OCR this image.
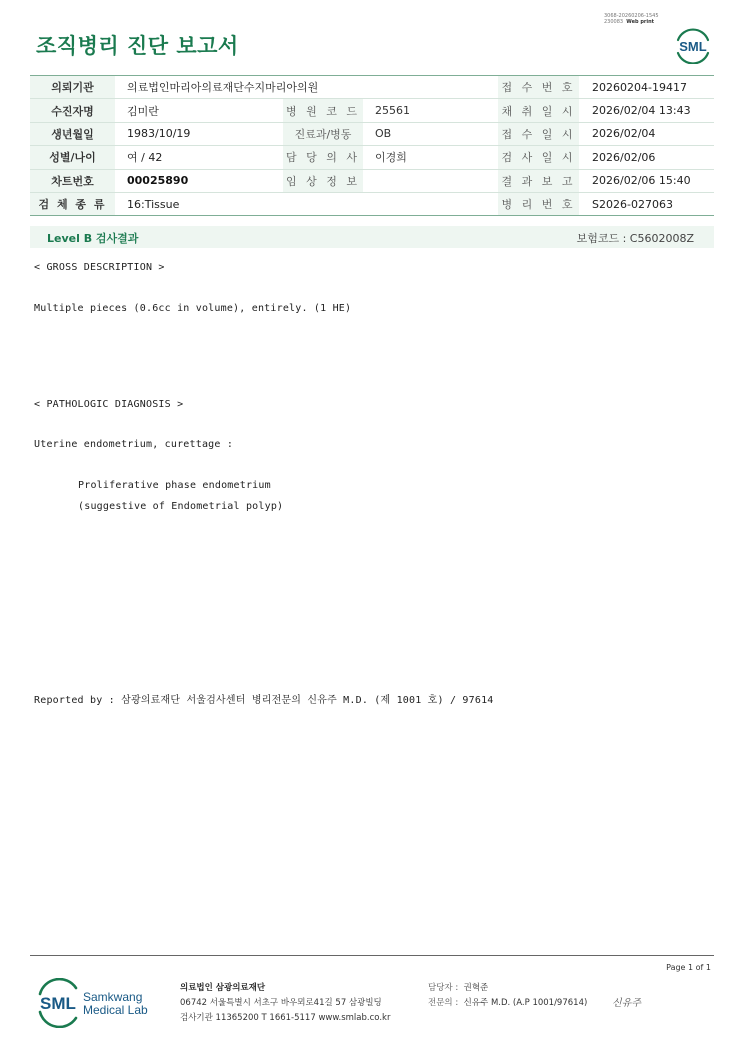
3068-20260206-1545
230083 Web print
조직병리 진단 보고서	SML
의뢰기관	의료법인마리아의료재단수지마리아의원			접 수 번 호	20260204-19417
수진자명	김미란	병 원 코 드	25561	채 취 일 시	2026/02/04 13:43
생년월일	1983/10/19	진료과/병동	OB	접 수 일 시	2026/02/04
성별/나이	여 / 42	담 당 의 사	이경희	검 사 일 시	2026/02/06
차트번호	00025890	임 상 정 보		결 과 보 고	2026/02/06 15:40
검 체 종 류	16:Tissue			병 리 번 호	S2026-027063
Level B 검사결과	보험코드 : C5602008Z
< GROSS DESCRIPTION >
Multiple pieces (0.6cc in volume), entirely. (1 HE)
< PATHOLOGIC DIAGNOSIS >
Uterine endometrium, curettage :
Proliferative phase endometrium
(suggestive of Endometrial polyp)
Reported by : 삼광의료재단 서울검사센터 병리전문의 신유주 M.D. (제 1001 호) / 97614
Page 1 of 1
SML Samkwang
Medical Lab
의료법인 삼광의료재단
06742 서울특별시 서초구 바우뫼로41길 57 삼광빌딩
검사기관 11365200 T 1661-5117 www.smlab.co.kr
담당자 : 권혁준
전문의 : 신유주 M.D. (A.P 1001/97614) 신유주
